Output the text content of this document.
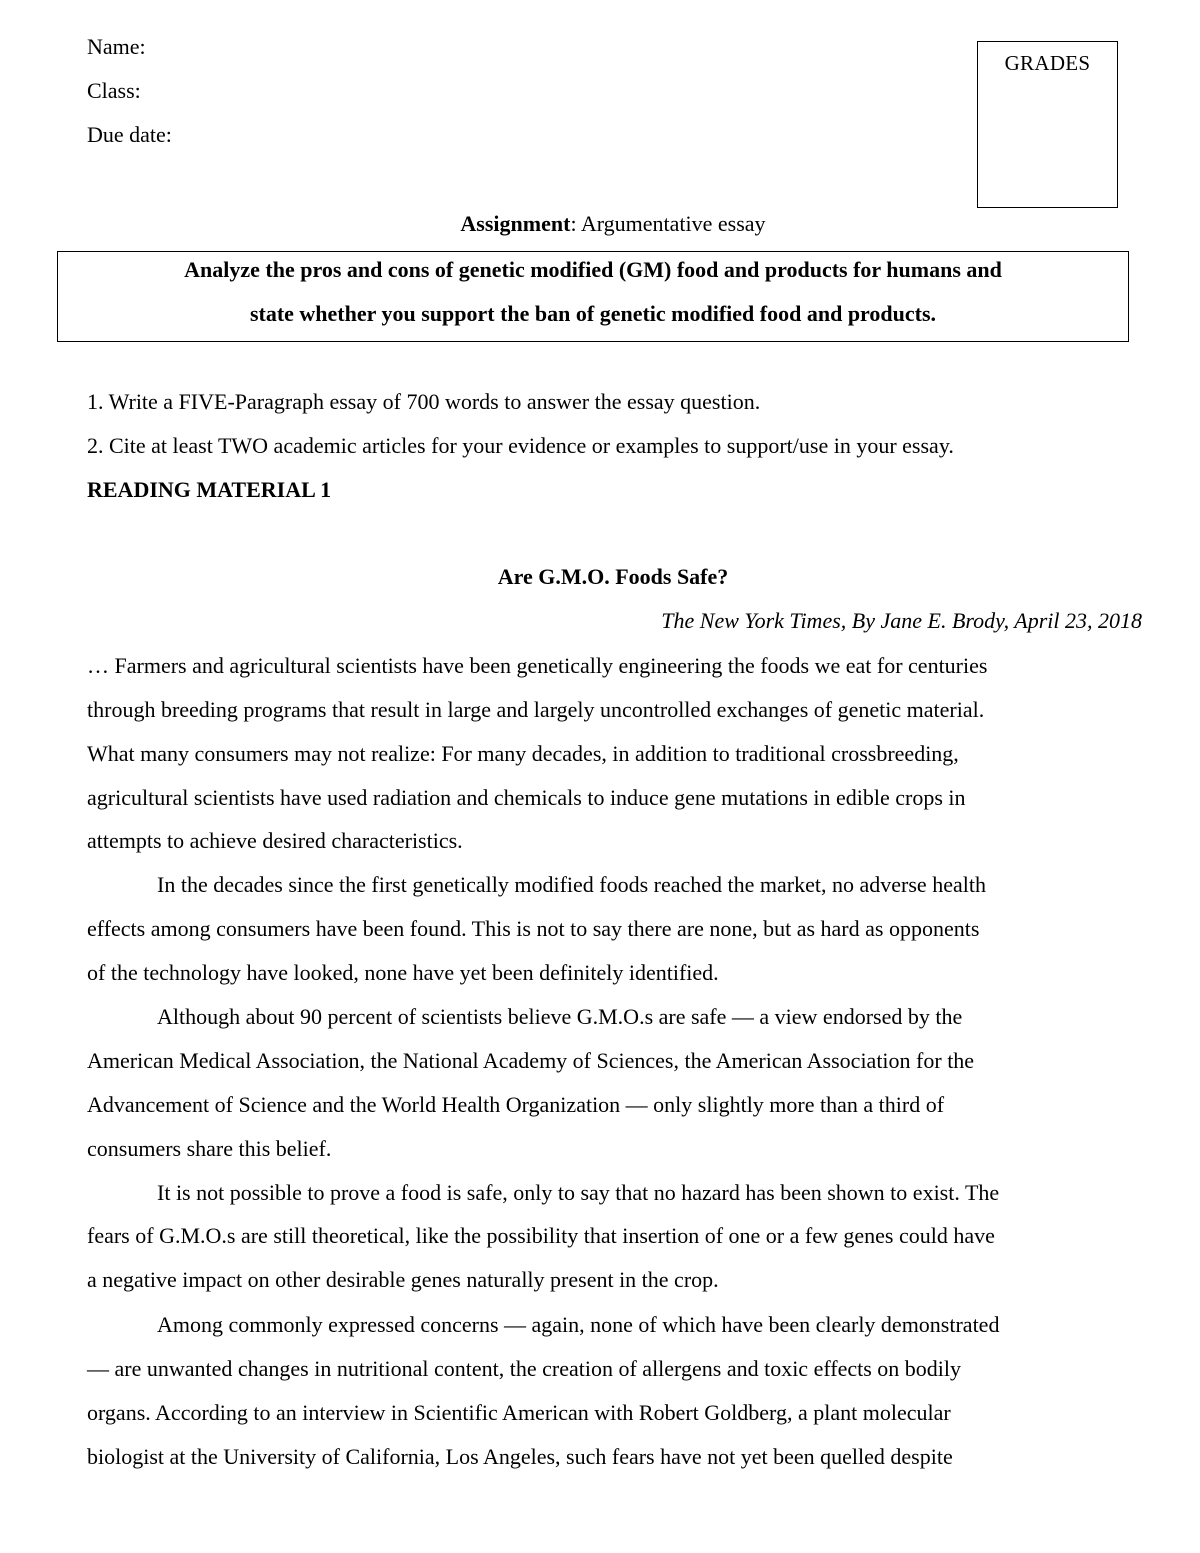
Name:
Class:
Due date:
GRADES
Assignment: Argumentative essay
Analyze the pros and cons of genetic modified (GM) food and products for humans and
state whether you support the ban of genetic modified food and products.
1. Write a FIVE-Paragraph essay of 700 words to answer the essay question.
2. Cite at least TWO academic articles for your evidence or examples to support/use in your essay.
READING MATERIAL 1
Are G.M.O. Foods Safe?
The New York Times, By Jane E. Brody, April 23, 2018
… Farmers and agricultural scientists have been genetically engineering the foods we eat for centuries
through breeding programs that result in large and largely uncontrolled exchanges of genetic material.
What many consumers may not realize: For many decades, in addition to traditional crossbreeding,
agricultural scientists have used radiation and chemicals to induce gene mutations in edible crops in
attempts to achieve desired characteristics.
In the decades since the first genetically modified foods reached the market, no adverse health
effects among consumers have been found. This is not to say there are none, but as hard as opponents
of the technology have looked, none have yet been definitely identified.
Although about 90 percent of scientists believe G.M.O.s are safe — a view endorsed by the
American Medical Association, the National Academy of Sciences, the American Association for the
Advancement of Science and the World Health Organization — only slightly more than a third of
consumers share this belief.
It is not possible to prove a food is safe, only to say that no hazard has been shown to exist. The
fears of G.M.O.s are still theoretical, like the possibility that insertion of one or a few genes could have
a negative impact on other desirable genes naturally present in the crop.
Among commonly expressed concerns — again, none of which have been clearly demonstrated
— are unwanted changes in nutritional content, the creation of allergens and toxic effects on bodily
organs. According to an interview in Scientific American with Robert Goldberg, a plant molecular
biologist at the University of California, Los Angeles, such fears have not yet been quelled despite
